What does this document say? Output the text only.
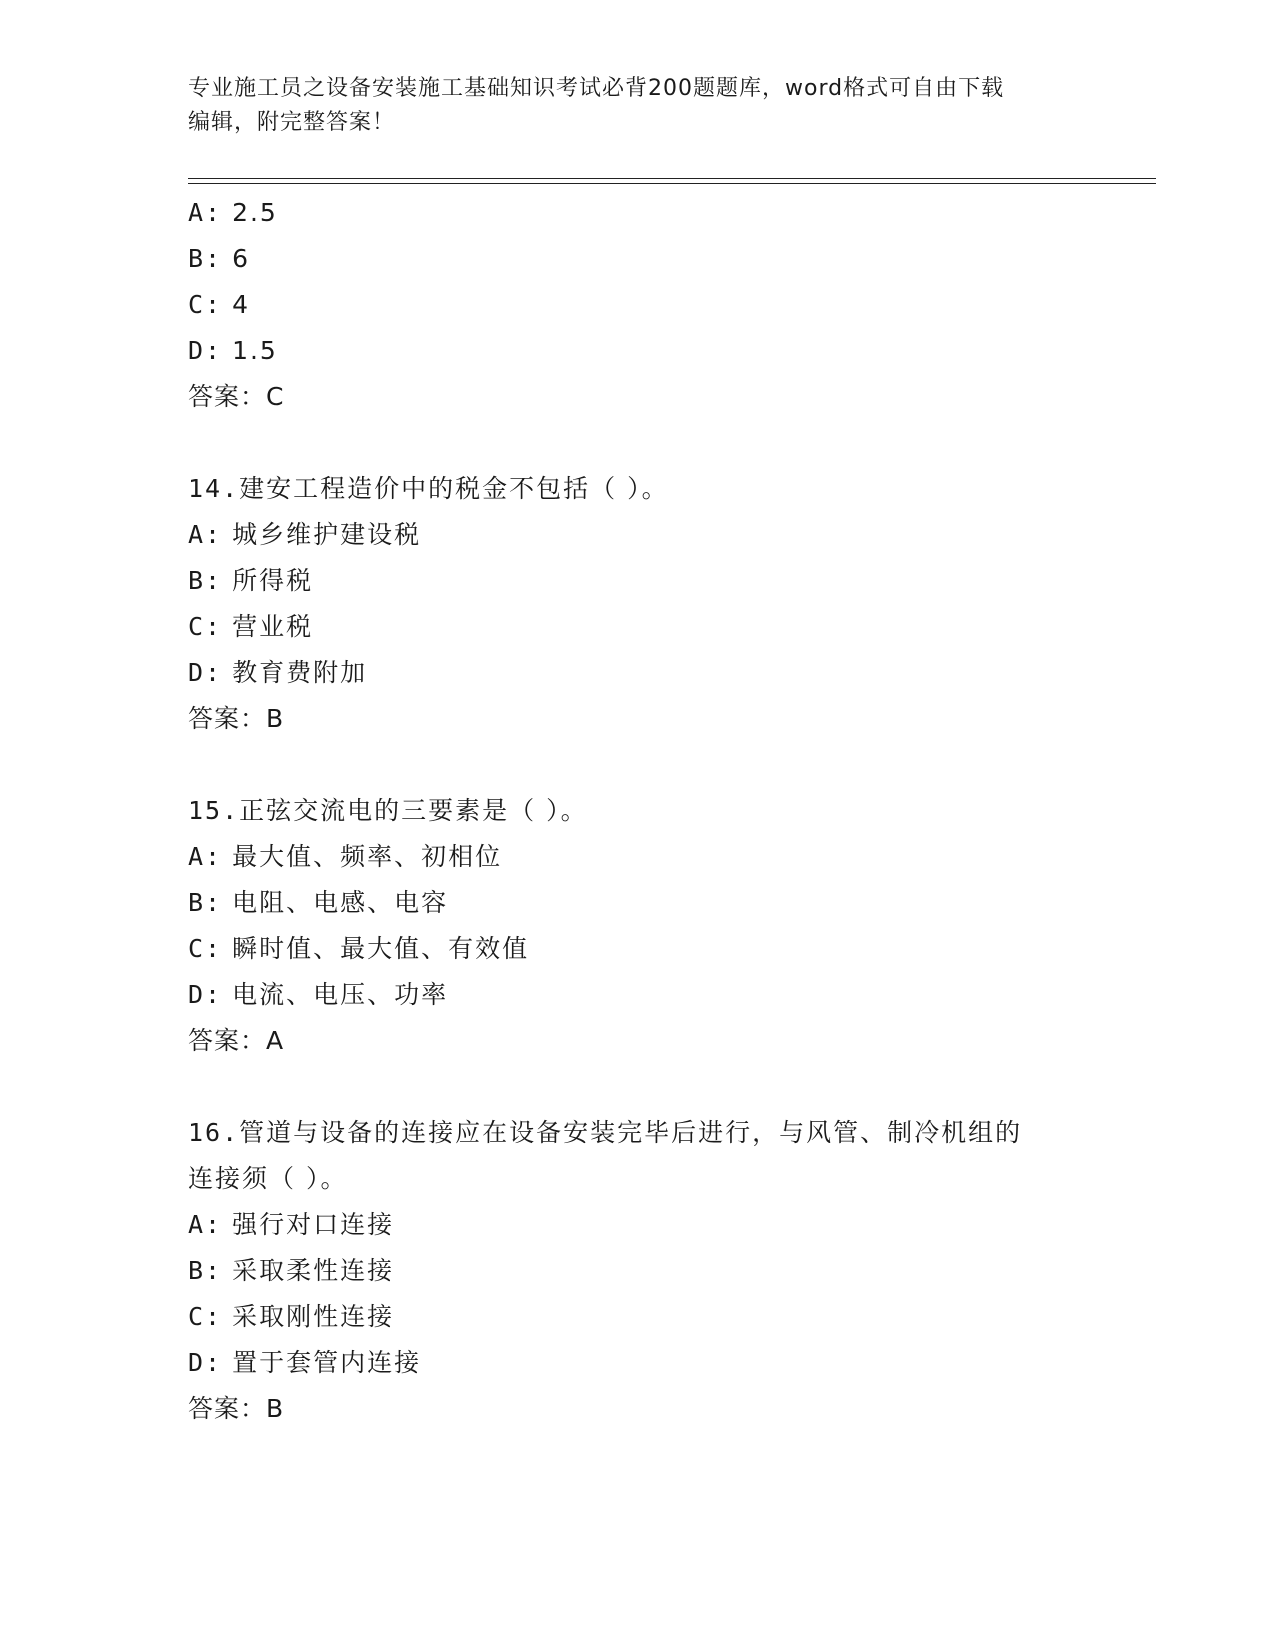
专业施工员之设备安装施工基础知识考试必背200题题库，word格式可自由下载
编辑，附完整答案！
A: 2.5
B: 6
C: 4
D: 1.5
答案：C
14.建安工程造价中的税金不包括（ ）。
A: 城乡维护建设税
B: 所得税
C: 营业税
D: 教育费附加
答案：B
15.正弦交流电的三要素是（ ）。
A: 最大值、频率、初相位
B: 电阻、电感、电容
C: 瞬时值、最大值、有效值
D: 电流、电压、功率
答案：A
16.管道与设备的连接应在设备安装完毕后进行，与风管、制冷机组的
连接须（ ）。
A: 强行对口连接
B: 采取柔性连接
C: 采取刚性连接
D: 置于套管内连接
答案：B
